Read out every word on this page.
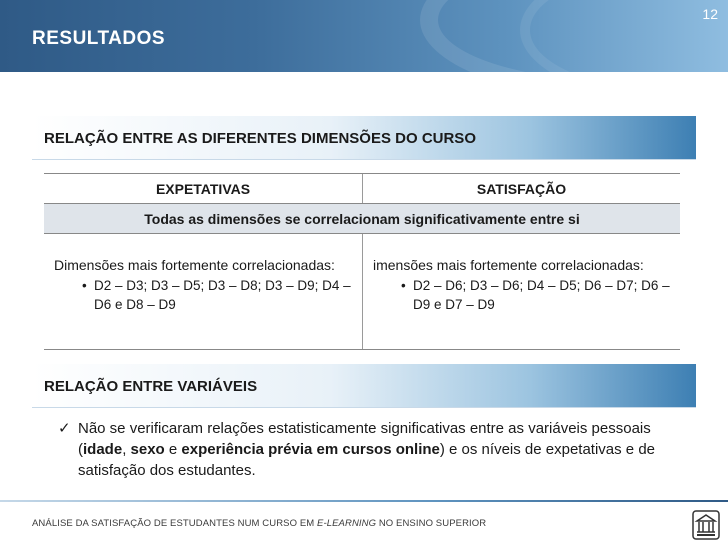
RESULTADOS
12
RELAÇÃO ENTRE AS DIFERENTES DIMENSÕES DO CURSO
EXPETATIVAS	SATISFAÇÃO
Todas as dimensões se correlacionam significativamente entre si
Dimensões mais fortemente correlacionadas:
• D2 – D3; D3 – D5; D3 – D8; D3 – D9; D4 – D6 e D8 – D9
imensões mais fortemente correlacionadas:
• D2 – D6; D3 – D6; D4 – D5; D6 – D7; D6 – D9 e D7 – D9
RELAÇÃO ENTRE VARIÁVEIS
✓ Não se verificaram relações estatisticamente significativas entre as variáveis pessoais (idade, sexo e experiência prévia em cursos online) e os níveis de expetativas e de satisfação dos estudantes.
ANÁLISE DA SATISFAÇÃO DE ESTUDANTES NUM CURSO EM E-LEARNING NO ENSINO SUPERIOR
